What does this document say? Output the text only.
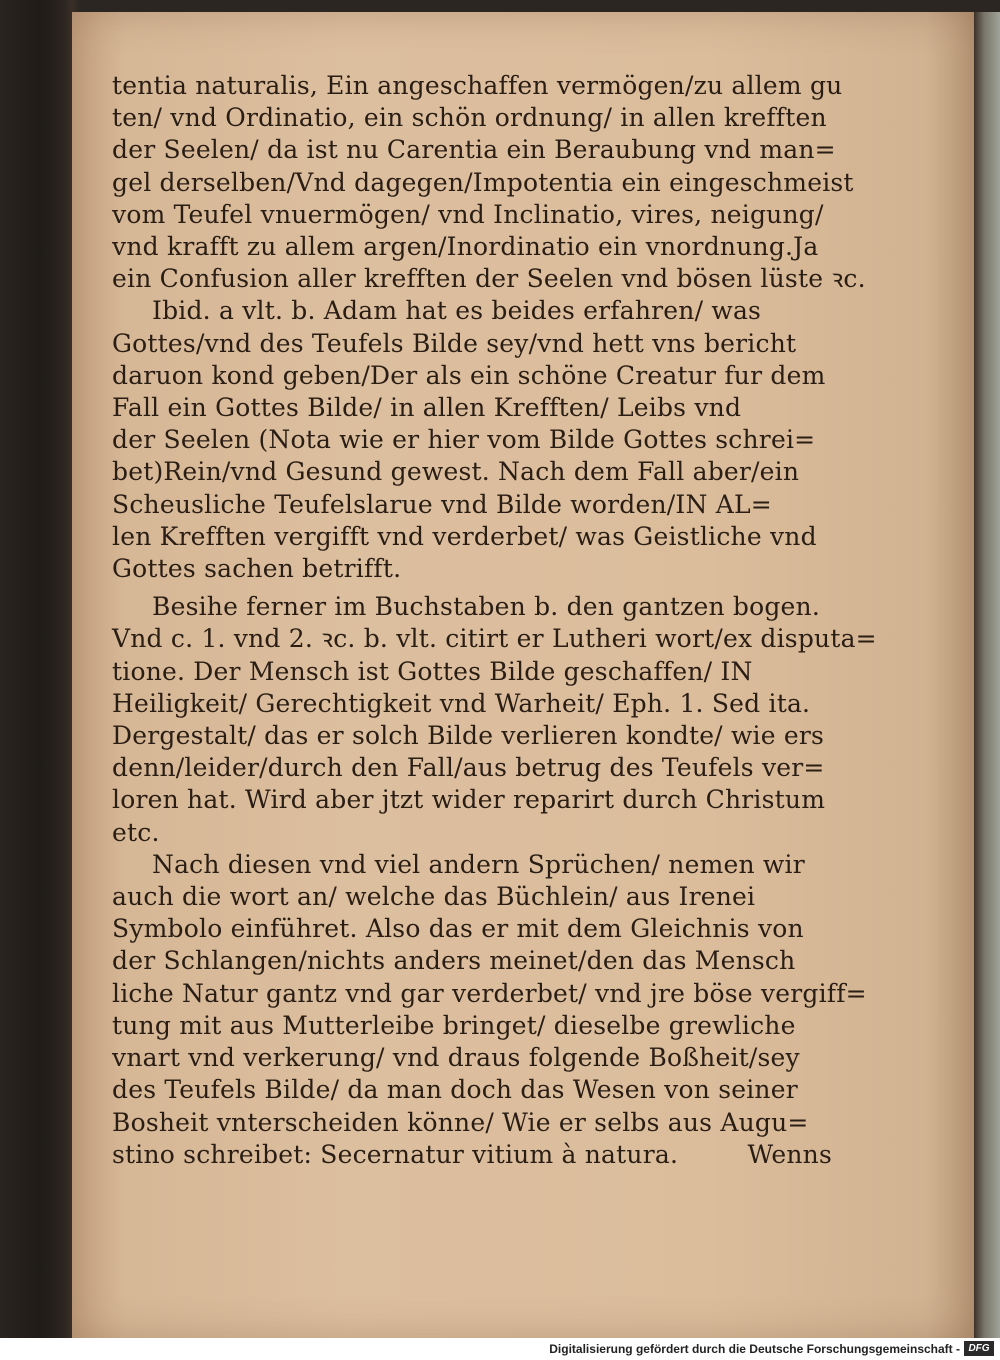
tentia naturalis, Ein angeschaffen vermögen/zu allem gu
ten/ vnd Ordinatio, ein schön ordnung/ in allen krefften
der Seelen/ da ist nu Carentia ein Beraubung vnd man=
gel derselben/Vnd dagegen/Impotentia ein eingeschmeist
vom Teufel vnuermögen/ vnd Inclinatio, vires, neigung/
vnd krafft zu allem argen/Inordinatio ein vnordnung.Ja
ein Confusion aller krefften der Seelen vnd bösen lüste ꝛc.
Ibid. a vlt. b. Adam hat es beides erfahren/ was
Gottes/vnd des Teufels Bilde sey/vnd hett vns bericht
daruon kond geben/Der als ein schöne Creatur fur dem
Fall ein Gottes Bilde/ in allen Krefften/ Leibs vnd
der Seelen (Nota wie er hier vom Bilde Gottes schrei=
bet)Rein/vnd Gesund gewest. Nach dem Fall aber/ein
Scheusliche Teufelslarue vnd Bilde worden/IN AL=
len Krefften vergifft vnd verderbet/ was Geistliche vnd
Gottes sachen betrifft.
Besihe ferner im Buchstaben b. den gantzen bogen.
Vnd c. 1. vnd 2. ꝛc. b. vlt. citirt er Lutheri wort/ex disputa=
tione. Der Mensch ist Gottes Bilde geschaffen/ IN
Heiligkeit/ Gerechtigkeit vnd Warheit/ Eph. 1. Sed ita.
Dergestalt/ das er solch Bilde verlieren kondte/ wie ers
denn/leider/durch den Fall/aus betrug des Teufels ver=
loren hat. Wird aber jtzt wider reparirt durch Christum
etc.
Nach diesen vnd viel andern Sprüchen/ nemen wir
auch die wort an/ welche das Büchlein/ aus Irenei
Symbolo einführet. Also das er mit dem Gleichnis von
der Schlangen/nichts anders meinet/den das Mensch
liche Natur gantz vnd gar verderbet/ vnd jre böse vergiff=
tung mit aus Mutterleibe bringet/ dieselbe grewliche
vnart vnd verkerung/ vnd draus folgende Boßheit/sey
des Teufels Bilde/ da man doch das Wesen von seiner
Bosheit vnterscheiden könne/ Wie er selbs aus Augu=
stino schreibet: Secernatur vitium à natura.	Wenns
Digitalisierung gefördert durch die Deutsche Forschungsgemeinschaft - DFG
